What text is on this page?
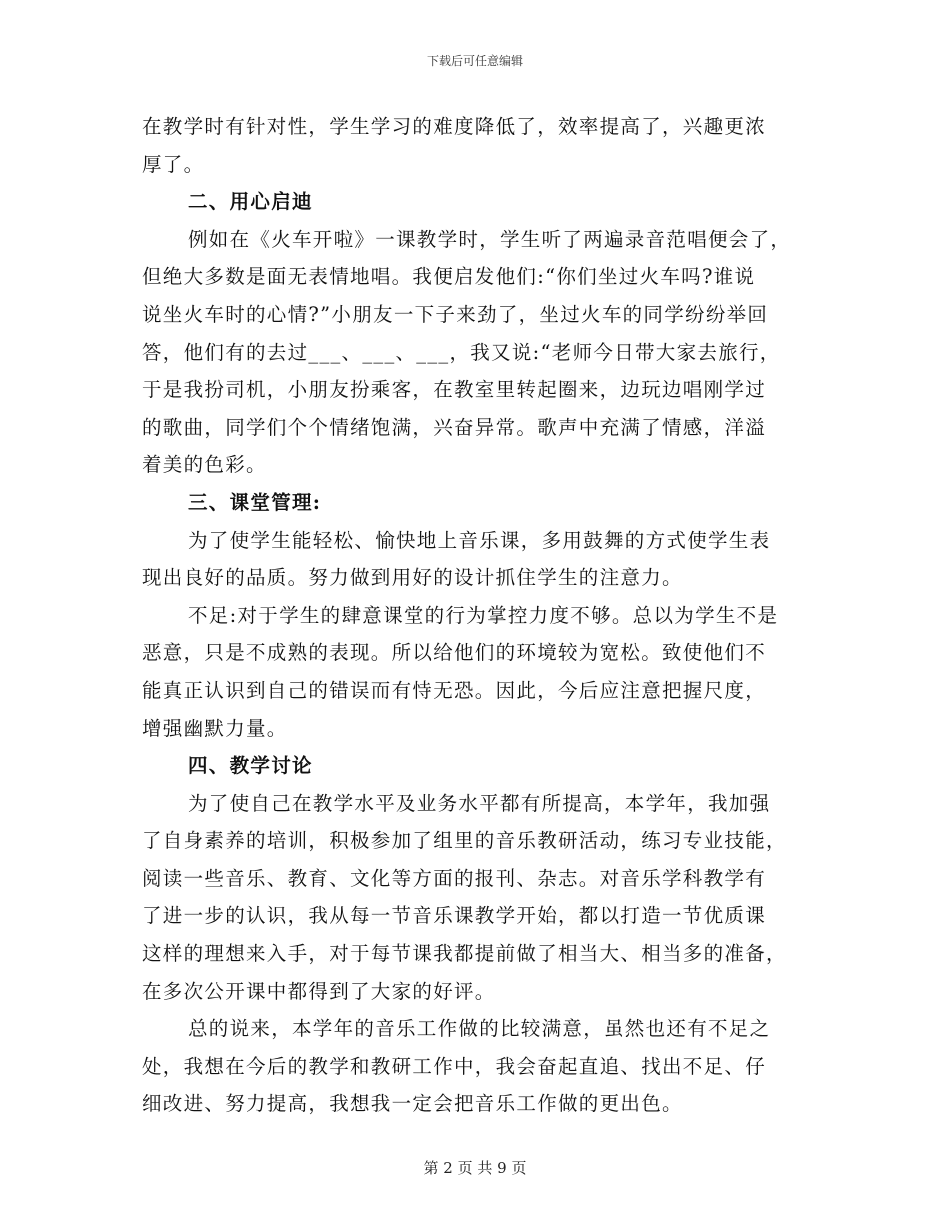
下载后可任意编辑
在教学时有针对性，学生学习的难度降低了，效率提高了，兴趣更浓
厚了。
二、用心启迪
例如在《火车开啦》一课教学时，学生听了两遍录音范唱便会了，
但绝大多数是面无表情地唱。我便启发他们:“你们坐过火车吗?谁说
说坐火车时的心情?”小朋友一下子来劲了，坐过火车的同学纷纷举回
答，他们有的去过___、___、___，我又说:“老师今日带大家去旅行，
于是我扮司机，小朋友扮乘客，在教室里转起圈来，边玩边唱刚学过
的歌曲，同学们个个情绪饱满，兴奋异常。歌声中充满了情感，洋溢
着美的色彩。
三、课堂管理:
为了使学生能轻松、愉快地上音乐课，多用鼓舞的方式使学生表
现出良好的品质。努力做到用好的设计抓住学生的注意力。
不足:对于学生的肆意课堂的行为掌控力度不够。总以为学生不是
恶意，只是不成熟的表现。所以给他们的环境较为宽松。致使他们不
能真正认识到自己的错误而有恃无恐。因此，今后应注意把握尺度，
增强幽默力量。
四、教学讨论
为了使自己在教学水平及业务水平都有所提高，本学年，我加强
了自身素养的培训，积极参加了组里的音乐教研活动，练习专业技能，
阅读一些音乐、教育、文化等方面的报刊、杂志。对音乐学科教学有
了进一步的认识，我从每一节音乐课教学开始，都以打造一节优质课
这样的理想来入手，对于每节课我都提前做了相当大、相当多的准备，
在多次公开课中都得到了大家的好评。
总的说来，本学年的音乐工作做的比较满意，虽然也还有不足之
处，我想在今后的教学和教研工作中，我会奋起直追、找出不足、仔
细改进、努力提高，我想我一定会把音乐工作做的更出色。
第 2 页 共 9 页
